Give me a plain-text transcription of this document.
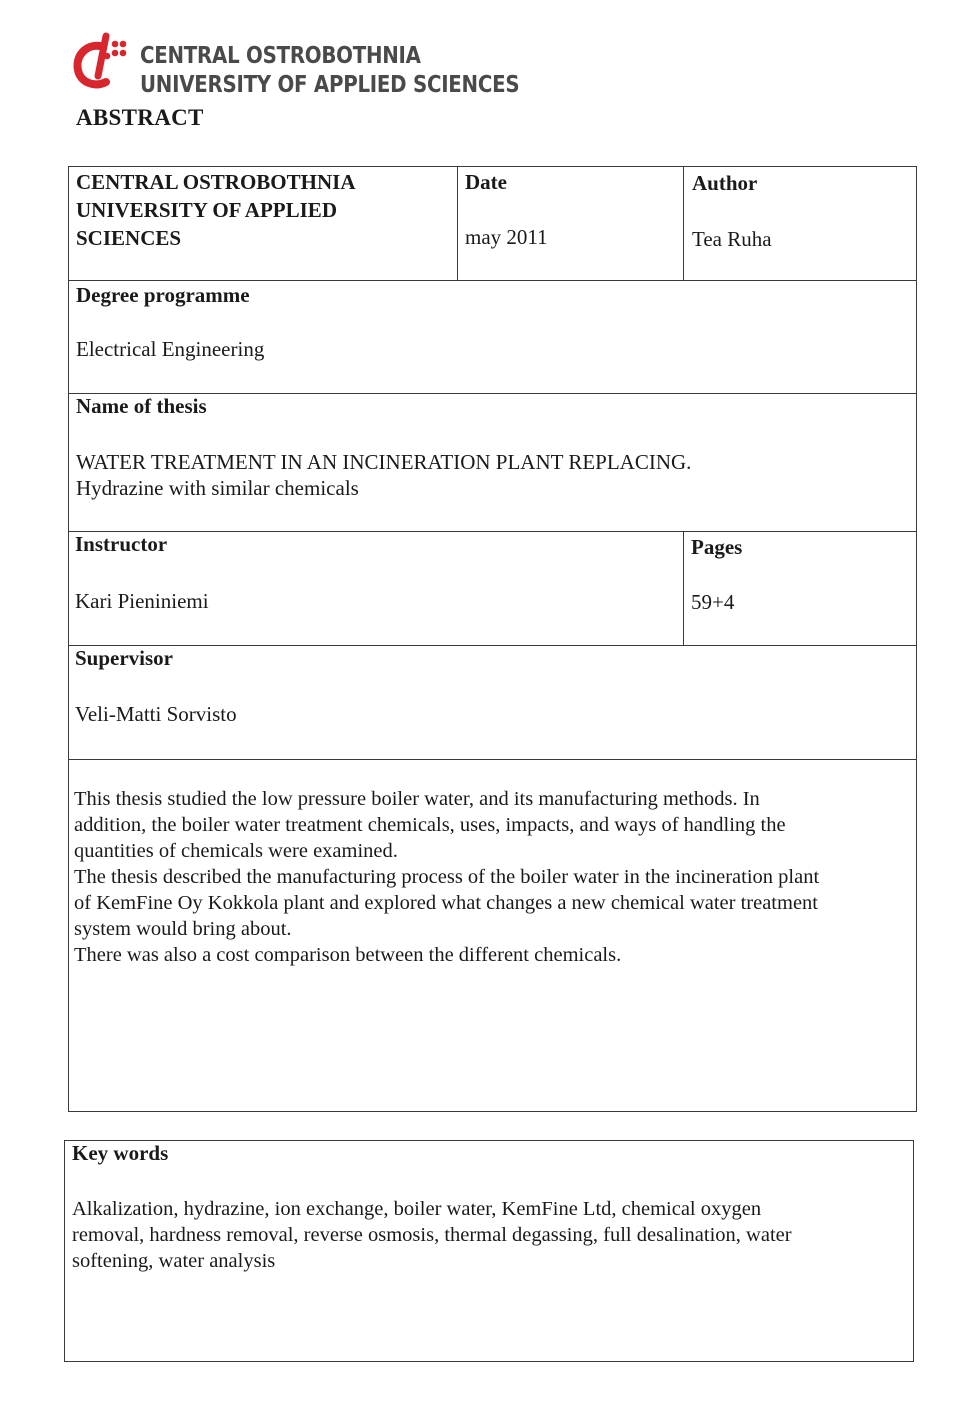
CENTRAL OSTROBOTHNIA
UNIVERSITY OF APPLIED SCIENCES
ABSTRACT
CENTRAL OSTROBOTHNIA
UNIVERSITY OF APPLIED
SCIENCES
Date
may 2011
Author
Tea Ruha
Degree programme
Electrical Engineering
Name of thesis
WATER TREATMENT IN AN INCINERATION PLANT REPLACING.
Hydrazine with similar chemicals
Instructor
Kari Pieniniemi
Pages
59+4
Supervisor
Veli-Matti Sorvisto
This thesis studied the low pressure boiler water, and its manufacturing methods. In
addition, the boiler water treatment chemicals, uses, impacts, and ways of handling the
quantities of chemicals were examined.
The thesis described the manufacturing process of the boiler water in the incineration plant
of KemFine Oy Kokkola plant and explored what changes a new chemical water treatment
system would bring about.
There was also a cost comparison between the different chemicals.
Key words
Alkalization, hydrazine, ion exchange, boiler water, KemFine Ltd, chemical oxygen
removal, hardness removal, reverse osmosis, thermal degassing, full desalination, water
softening, water analysis
